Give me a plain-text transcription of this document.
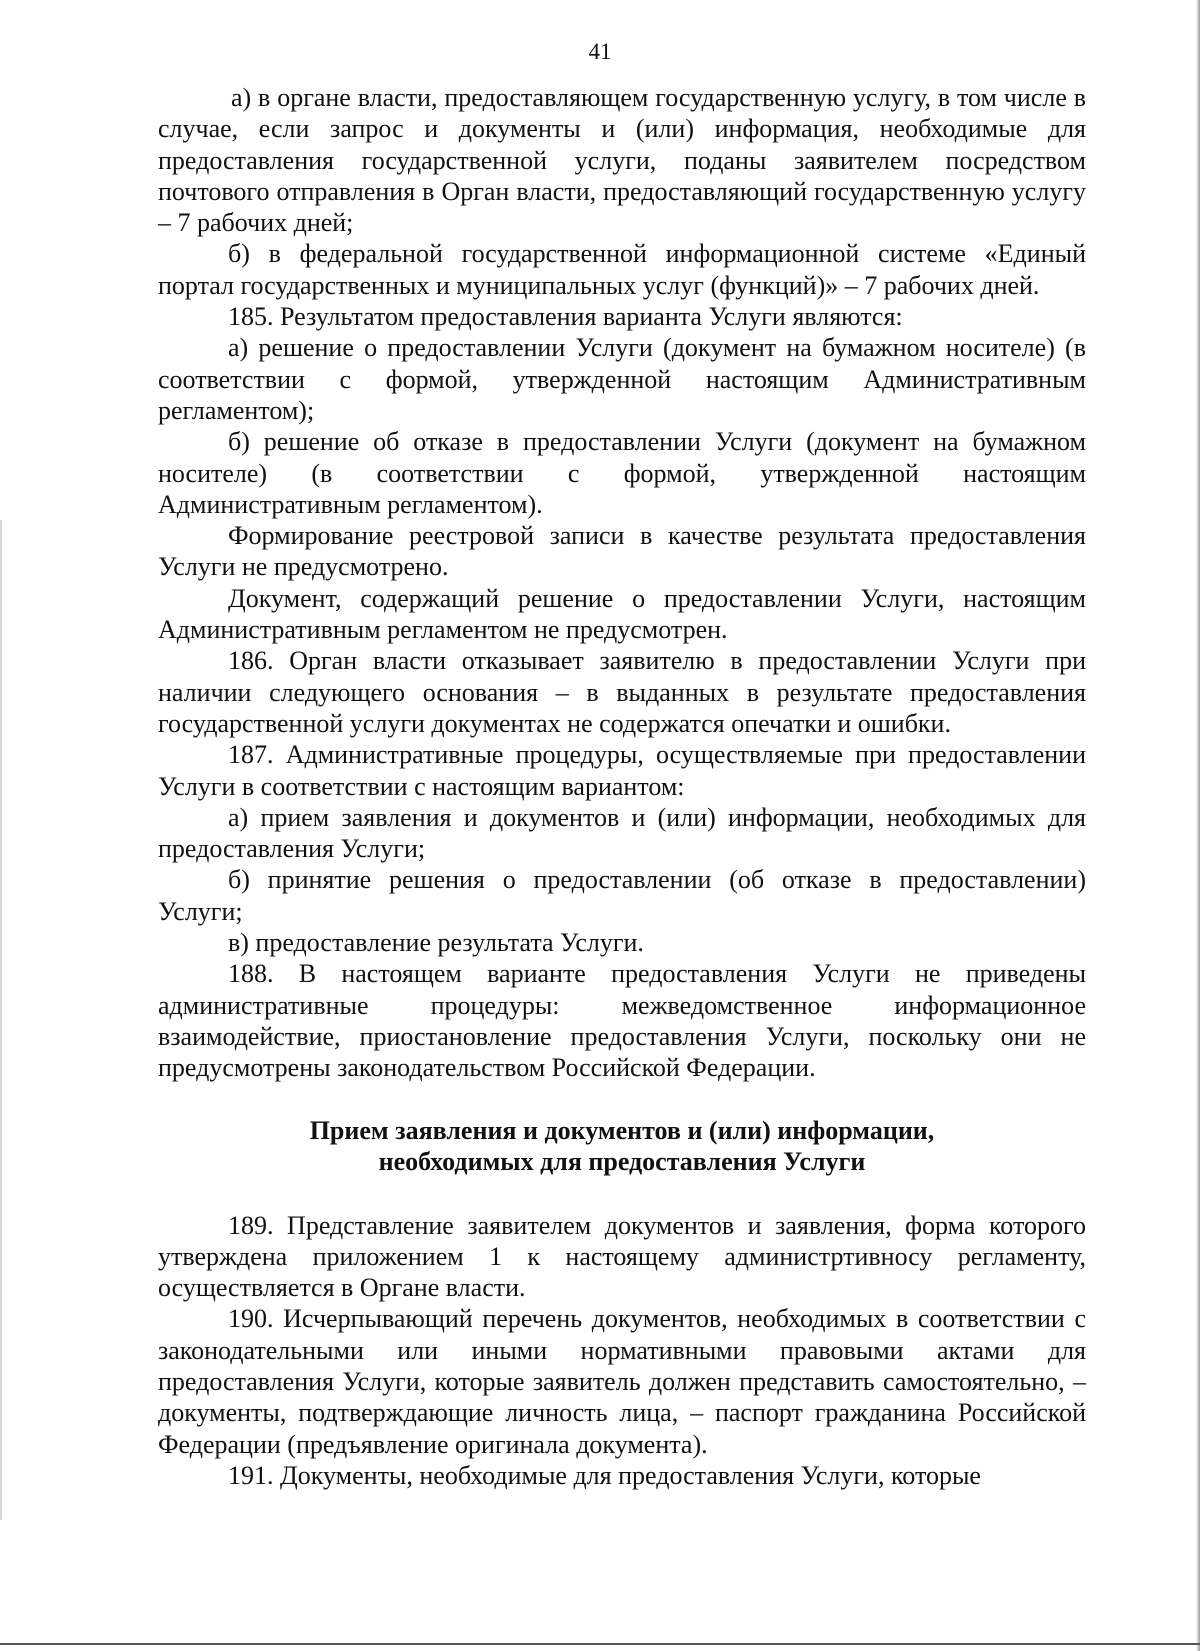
41

а) в органе власти, предоставляющем государственную услугу, в том числе в случае, если запрос и документы и (или) информация, необходимые для предоставления государственной услуги, поданы заявителем посредством почтового отправления в Орган власти, предоставляющий государственную услугу – 7 рабочих дней;

б) в федеральной государственной информационной системе «Единый портал государственных и муниципальных услуг (функций)» – 7 рабочих дней.

185. Результатом предоставления варианта Услуги являются:

а) решение о предоставлении Услуги (документ на бумажном носителе) (в соответствии с формой, утвержденной настоящим Административным регламентом);

б) решение об отказе в предоставлении Услуги (документ на бумажном носителе) (в соответствии с формой, утвержденной настоящим Административным регламентом).

Формирование реестровой записи в качестве результата предоставления Услуги не предусмотрено.

Документ, содержащий решение о предоставлении Услуги, настоящим Административным регламентом не предусмотрен.

186. Орган власти отказывает заявителю в предоставлении Услуги при наличии следующего основания – в выданных в результате предоставления государственной услуги документах не содержатся опечатки и ошибки.

187. Административные процедуры, осуществляемые при предоставлении Услуги в соответствии с настоящим вариантом:

а) прием заявления и документов и (или) информации, необходимых для предоставления Услуги;

б) принятие решения о предоставлении (об отказе в предоставлении) Услуги;

в) предоставление результата Услуги.

188. В настоящем варианте предоставления Услуги не приведены административные процедуры: межведомственное информационное взаимодействие, приостановление предоставления Услуги, поскольку они не предусмотрены законодательством Российской Федерации.

Прием заявления и документов и (или) информации,
необходимых для предоставления Услуги

189. Представление заявителем документов и заявления, форма которого утверждена приложением 1 к настоящему администртивносу регламенту, осуществляется в Органе власти.

190. Исчерпывающий перечень документов, необходимых в соответствии с законодательными или иными нормативными правовыми актами для предоставления Услуги, которые заявитель должен представить самостоятельно, – документы, подтверждающие личность лица, – паспорт гражданина Российской Федерации (предъявление оригинала документа).

191. Документы, необходимые для предоставления Услуги, которые
